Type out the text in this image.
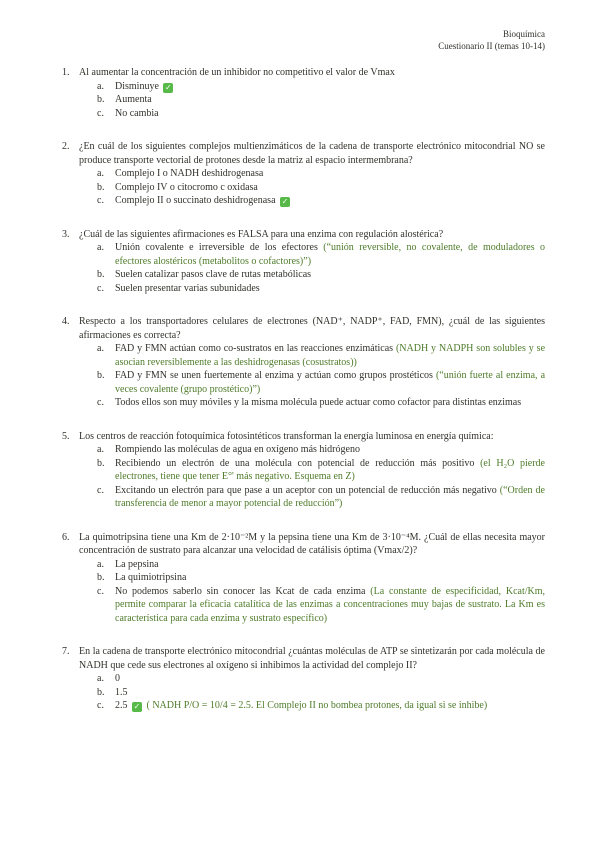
Bioquímica
Cuestionario II (temas 10-14)
1. Al aumentar la concentración de un inhibidor no competitivo el valor de Vmax
a. Disminuye ✓
b. Aumenta
c. No cambia
2. ¿En cuál de los siguientes complejos multienzimáticos de la cadena de transporte electrónico mitocondrial NO se produce transporte vectorial de protones desde la matriz al espacio intermembrana?
a. Complejo I o NADH deshidrogenasa
b. Complejo IV o citocromo c oxidasa
c. Complejo II o succinato deshidrogenasa ✓
3. ¿Cuál de las siguientes afirmaciones es FALSA para una enzima con regulación alostérica?
a. Unión covalente e irreversible de los efectores (“unión reversible, no covalente, de moduladores o efectores alostéricos (metabolitos o cofactores)”)
b. Suelen catalizar pasos clave de rutas metabólicas
c. Suelen presentar varias subunidades
4. Respecto a los transportadores celulares de electrones (NAD⁺, NADP⁺, FAD, FMN), ¿cuál de las siguientes afirmaciones es correcta?
a. FAD y FMN actúan como co-sustratos en las reacciones enzimáticas (NADH y NADPH son solubles y se asocian reversiblemente a las deshidrogenasas (cosustratos))
b. FAD y FMN se unen fuertemente al enzima y actúan como grupos prostéticos (“unión fuerte al enzima, a veces covalente (grupo prostético)”)
c. Todos ellos son muy móviles y la misma molécula puede actuar como cofactor para distintas enzimas
5. Los centros de reacción fotoquímica fotosintéticos transforman la energía luminosa en energía química:
a. Rompiendo las moléculas de agua en oxígeno más hidrógeno
b. Recibiendo un electrón de una molécula con potencial de reducción más positivo (el H₂O pierde electrones, tiene que tener E°' más negativo. Esquema en Z)
c. Excitando un electrón para que pase a un aceptor con un potencial de reducción más negativo (“Orden de transferencia de menor a mayor potencial de reducción”)
6. La quimotripsina tiene una Km de 2·10⁻²M y la pepsina tiene una Km de 3·10⁻⁴M. ¿Cuál de ellas necesita mayor concentración de sustrato para alcanzar una velocidad de catálisis óptima (Vmax/2)?
a. La pepsina
b. La quimiotripsina
c. No podemos saberlo sin conocer las Kcat de cada enzima (La constante de especificidad, Kcat/Km, permite comparar la eficacia catalítica de las enzimas a concentraciones muy bajas de sustrato. La Km es característica para cada enzima y sustrato específico)
7. En la cadena de transporte electrónico mitocondrial ¿cuántas moléculas de ATP se sintetizarán por cada molécula de NADH que cede sus electrones al oxígeno si inhibimos la actividad del complejo II?
a. 0
b. 1.5
c. 2.5 ✓ ( NADH P/O = 10/4 = 2.5. El Complejo II no bombea protones, da igual si se inhibe)
